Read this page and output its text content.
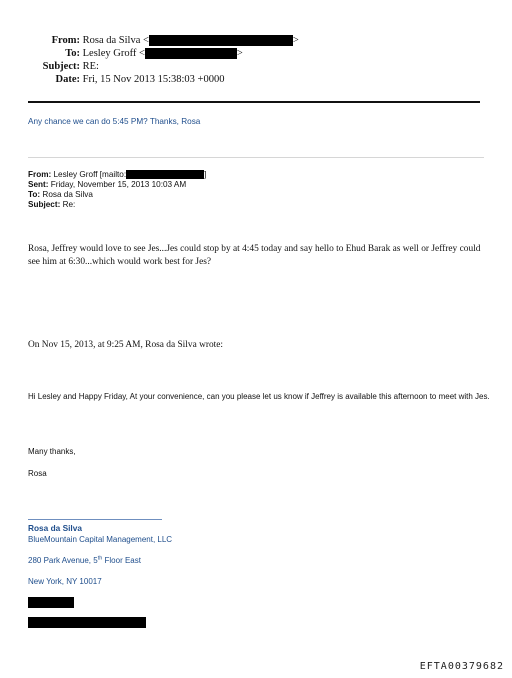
From: Rosa da Silva <	>
To: Lesley Groff <	>
Subject: RE:
Date: Fri, 15 Nov 2013 15:38:03 +0000
Any chance we can do 5:45 PM? Thanks, Rosa
From: Lesley Groff [mailto:	]
Sent: Friday, November 15, 2013 10:03 AM
To: Rosa da Silva
Subject: Re:
Rosa, Jeffrey would love to see Jes...Jes could stop by at 4:45 today and say hello to Ehud Barak as well or Jeffrey could see him at 6:30...which would work best for Jes?
On Nov 15, 2013, at 9:25 AM, Rosa da Silva wrote:
Hi Lesley and Happy Friday, At your convenience, can you please let us know if Jeffrey is available this afternoon to meet with Jes.
Many thanks,
Rosa
Rosa da Silva
BlueMountain Capital Management, LLC
280 Park Avenue, 5th Floor East
New York, NY 10017
EFTA00379682
